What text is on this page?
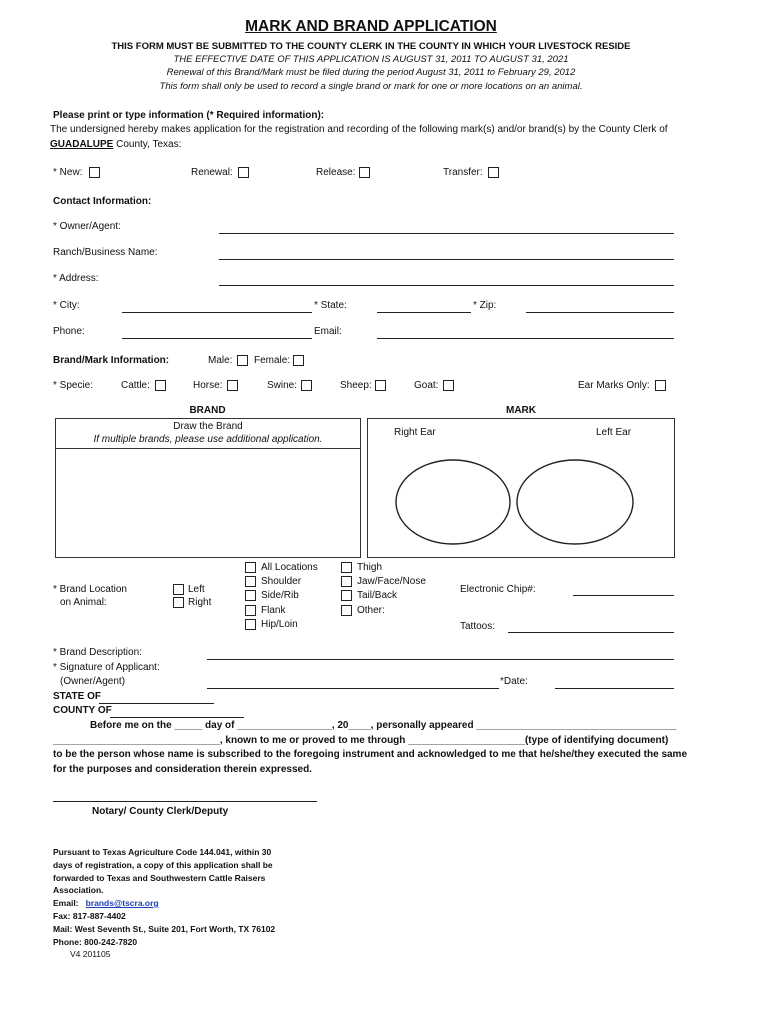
MARK AND BRAND APPLICATION
THIS FORM MUST BE SUBMITTED TO THE COUNTY CLERK IN THE COUNTY IN WHICH YOUR LIVESTOCK RESIDE
THE EFFECTIVE DATE OF THIS APPLICATION IS AUGUST 31, 2011 TO AUGUST 31, 2021
Renewal of this Brand/Mark must be filed during the period August 31, 2011 to February 29, 2012
This form shall only be used to record a single brand or mark for one or more locations on an animal.
Please print or type information (* Required information):
The undersigned hereby makes application for the registration and recording of the following mark(s) and/or brand(s) by the County Clerk of
GUADALUPE County, Texas:
* New:	Renewal:	Release:	Transfer:
Contact Information:
* Owner/Agent:
Ranch/Business Name:
* Address:
* City:	* State:	* Zip:
Phone:	Email:
Brand/Mark Information:	Male: Female:
* Specie:	Cattle:	Horse:	Swine:	Sheep:	Goat:	Ear Marks Only:
BRAND	MARK
Draw the Brand
If multiple brands, please use additional application.
Right Ear	Left Ear
* Brand Location
on Animal:
Left
Right
All Locations
Shoulder
Side/Rib
Flank
Hip/Loin
Thigh
Jaw/Face/Nose
Tail/Back
Other:
Electronic Chip#:
Tattoos:
* Brand Description:
* Signature of Applicant:
(Owner/Agent)	*Date:
STATE OF
COUNTY OF
Before me on the _____ day of _________________, 20____, personally appeared ____________________________________
______________________________, known to me or proved to me through _____________________(type of identifying document)
to be the person whose name is subscribed to the foregoing instrument and acknowledged to me that he/she/they executed the same
for the purposes and consideration therein expressed.
Notary/ County Clerk/Deputy
Pursuant to Texas Agriculture Code 144.041, within 30
days of registration, a copy of this application shall be
forwarded to Texas and Southwestern Cattle Raisers
Association.
Email: brands@tscra.org
Fax: 817-887-4402
Mail: West Seventh St., Suite 201, Fort Worth, TX 76102
Phone: 800-242-7820
V4 201105
